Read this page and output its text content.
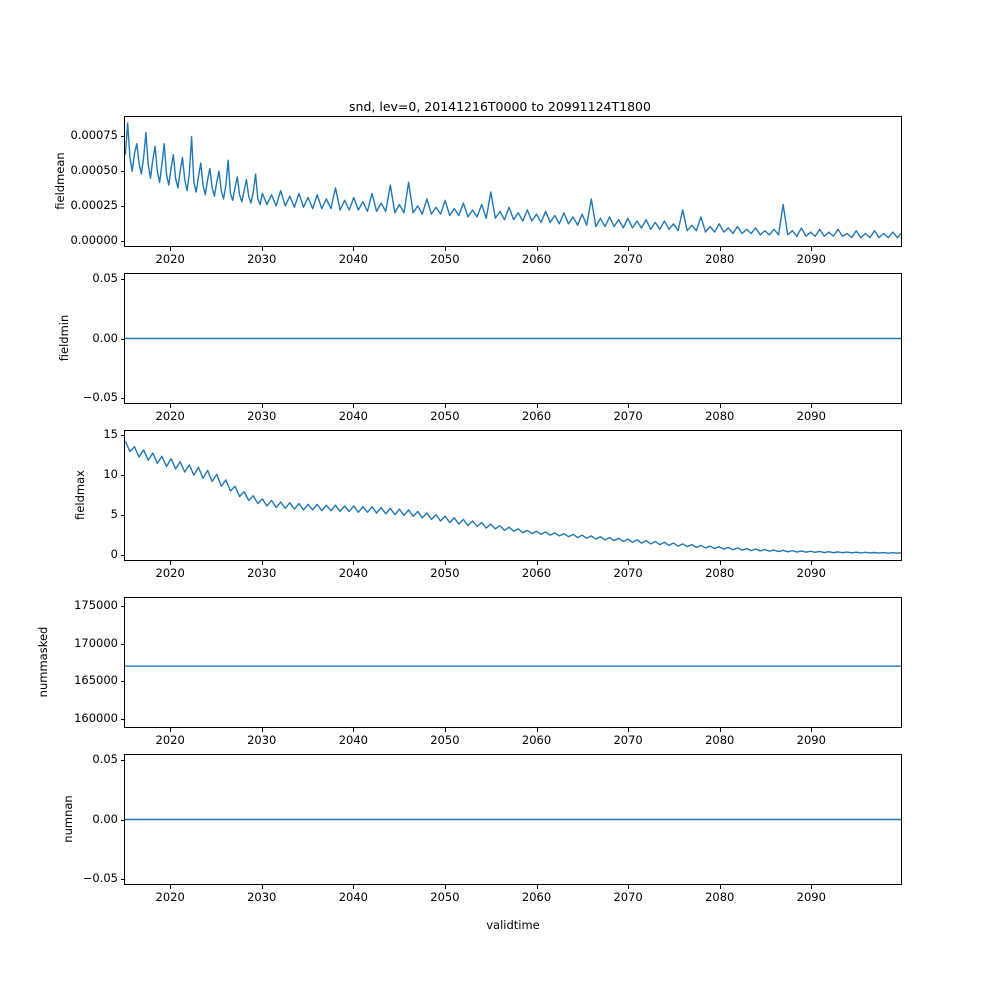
snd, lev=0, 20141216T0000 to 20991124T1800
fieldmean
fieldmin
fieldmax
nummasked
numnan
validtime
2020	2030	2040	2050	2060	2070	2080	2090
0.00000
0.00025
0.00050
0.00075
2020	2030	2040	2050	2060	2070	2080	2090
−0.05
0.00
0.05
2020	2030	2040	2050	2060	2070	2080	2090
0
5
10
15
2020	2030	2040	2050	2060	2070	2080	2090
160000
165000
170000
175000
2020	2030	2040	2050	2060	2070	2080	2090
−0.05
0.00
0.05
